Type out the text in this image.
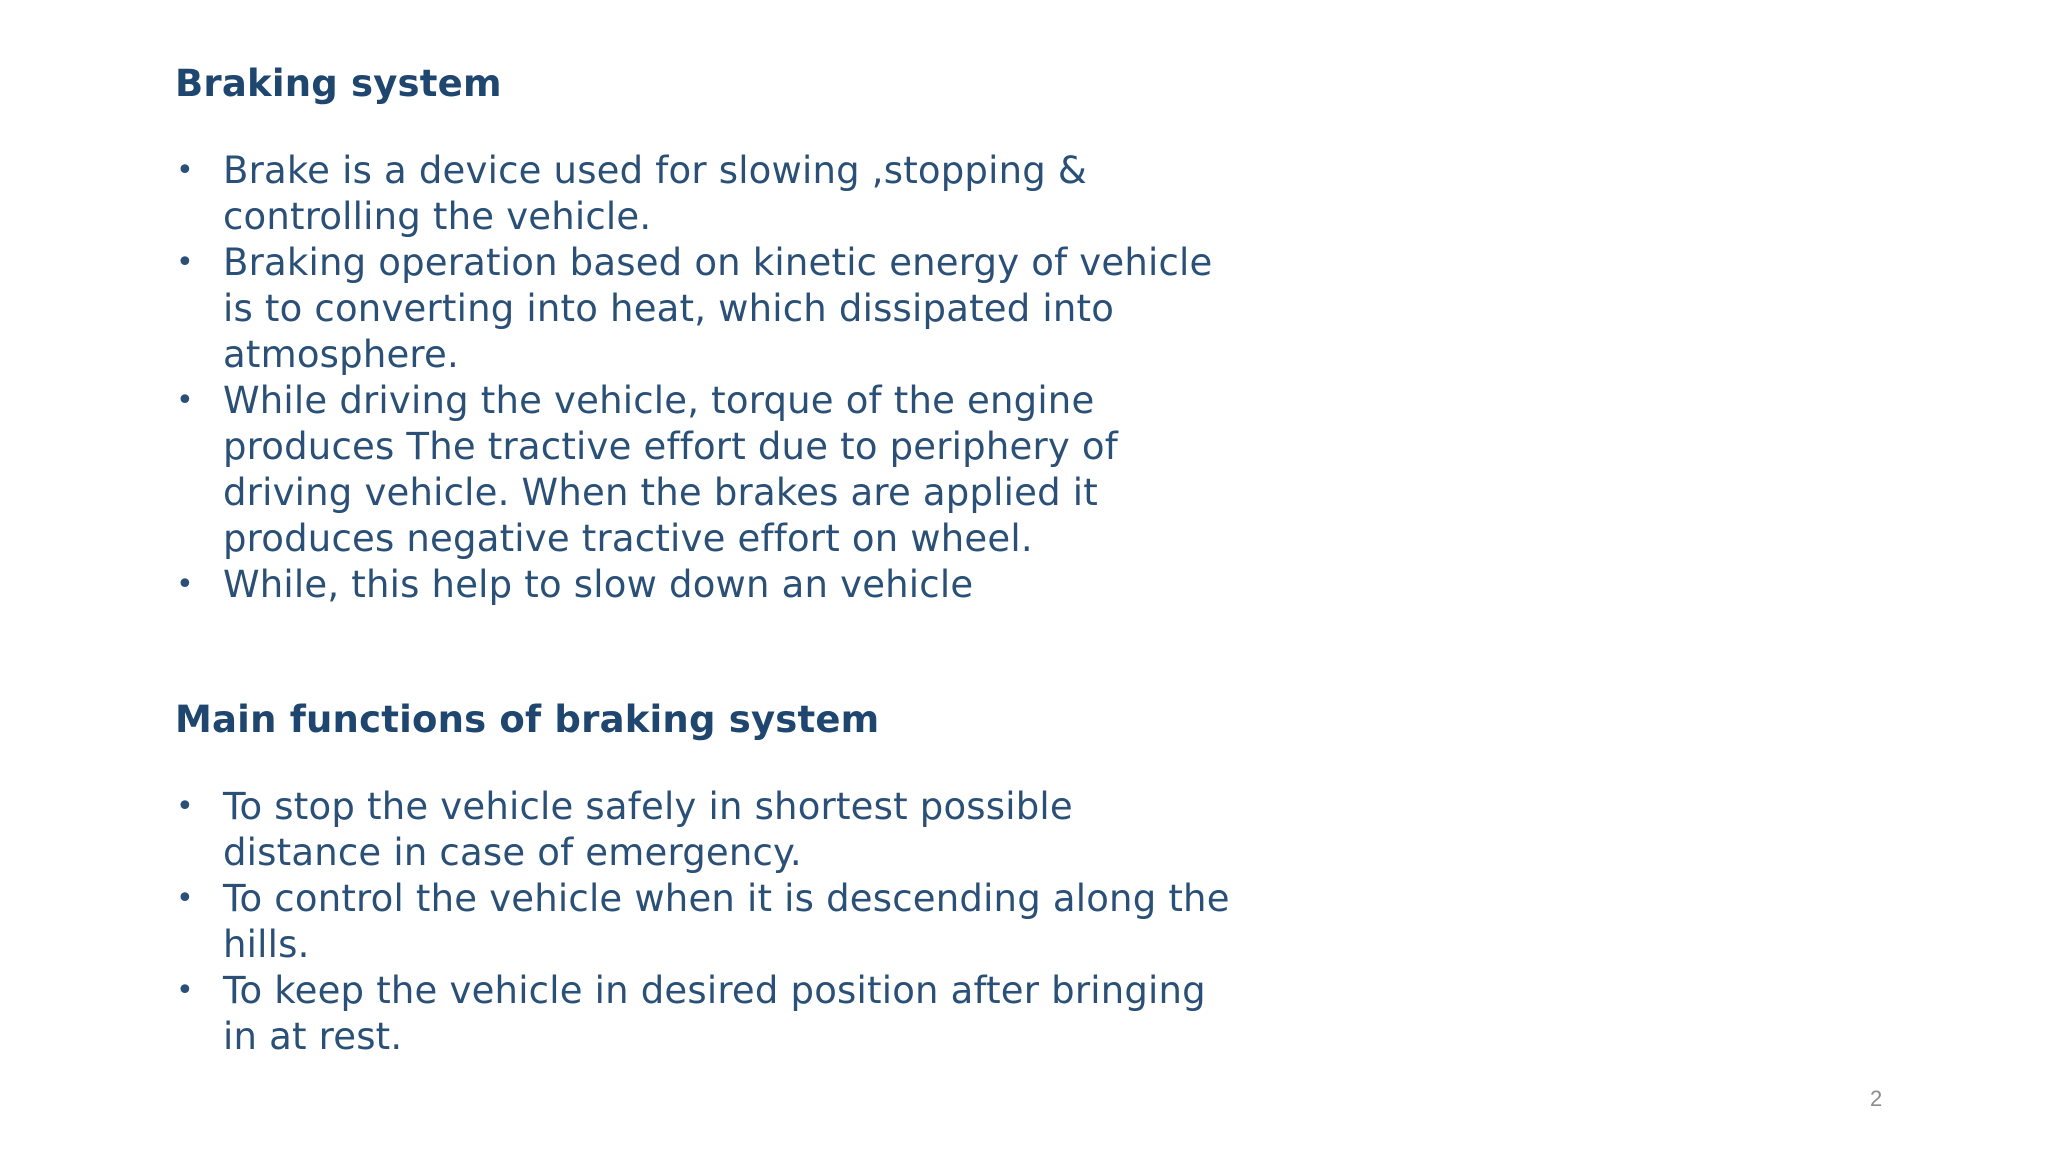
Braking system
• Brake is a device used for slowing ,stopping & controlling the vehicle.
• Braking operation based on kinetic energy of vehicle is to converting into heat, which dissipated into atmosphere.
• While driving the vehicle, torque of the engine produces The tractive effort due to periphery of driving vehicle. When the brakes are applied it produces negative tractive effort on wheel.
• While, this help to slow down an vehicle
Main functions of braking system
• To stop the vehicle safely in shortest possible distance in case of emergency.
• To control the vehicle when it is descending along the hills.
• To keep the vehicle in desired position after bringing in at rest.
2
